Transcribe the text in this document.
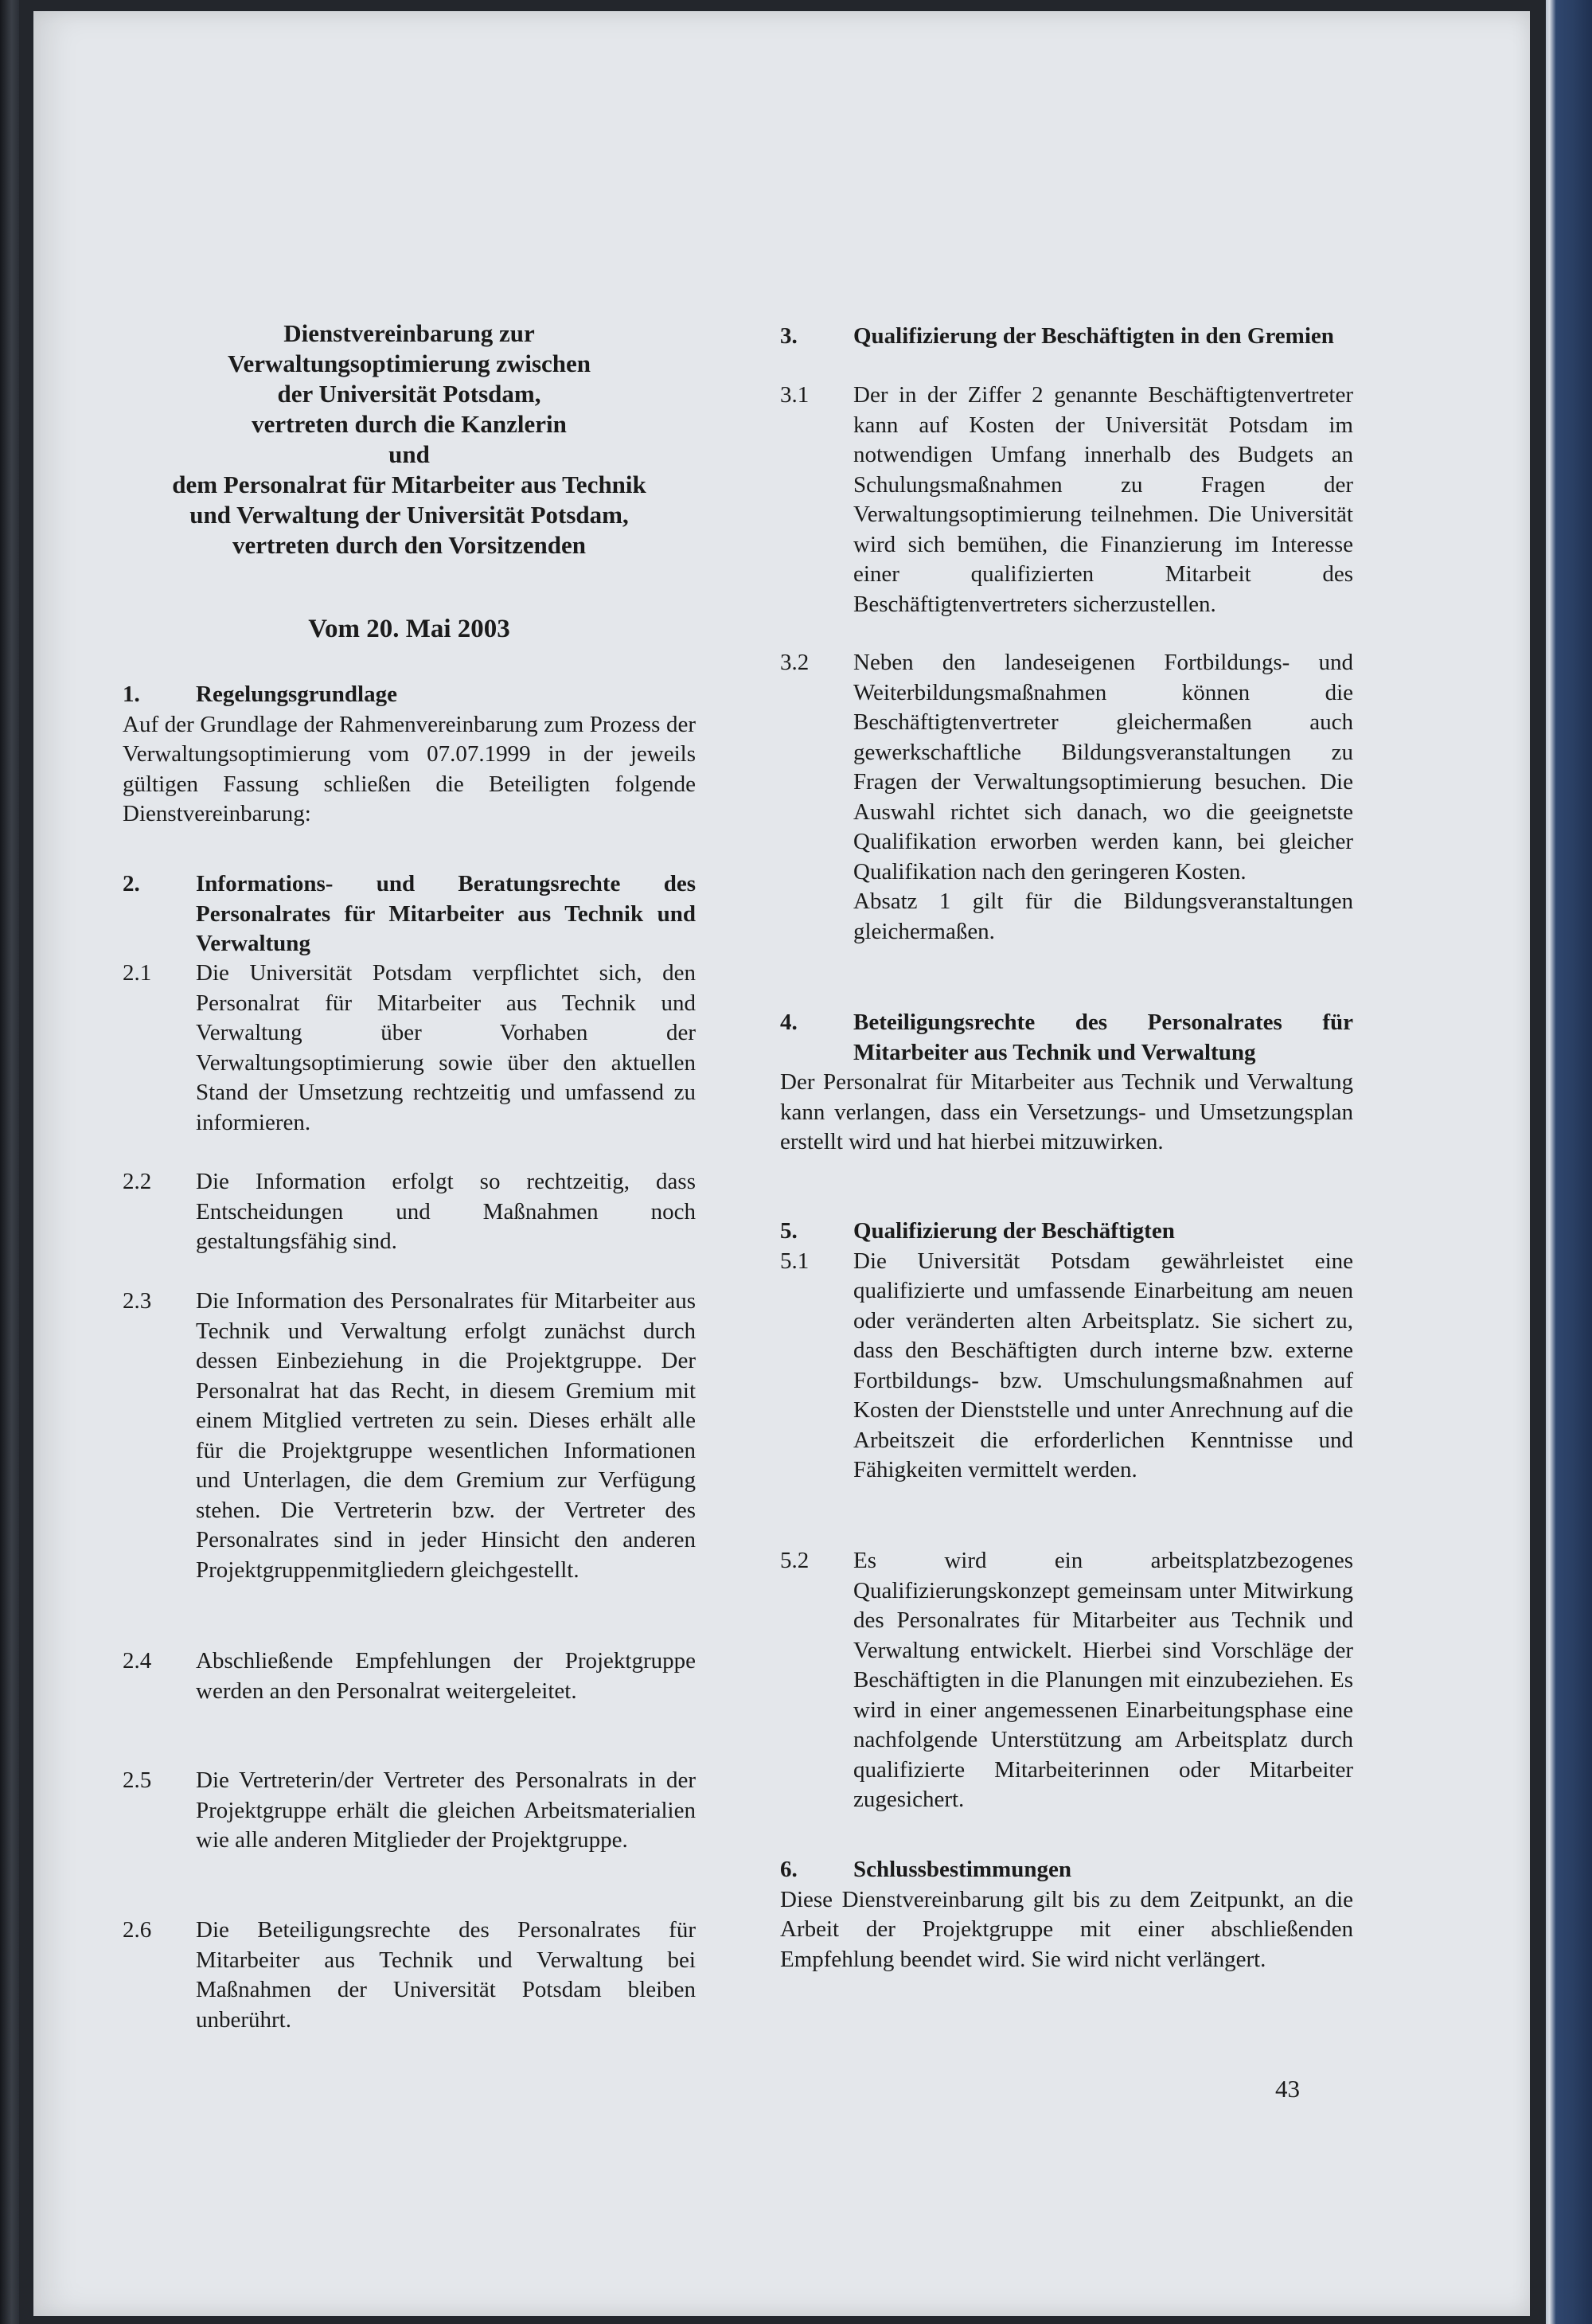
Dienstvereinbarung zur
Verwaltungsoptimierung zwischen
der Universität Potsdam,
vertreten durch die Kanzlerin
und
dem Personalrat für Mitarbeiter aus Technik
und Verwaltung der Universität Potsdam,
vertreten durch den Vorsitzenden
Vom 20. Mai 2003
1.	Regelungsgrundlage
Auf der Grundlage der Rahmenvereinbarung zum Prozess der Verwaltungsoptimierung vom 07.07.1999 in der jeweils gültigen Fassung schließen die Beteiligten folgende Dienstvereinbarung:
2.	Informations- und Beratungsrechte des Personalrates für Mitarbeiter aus Technik und Verwaltung
2.1	Die Universität Potsdam verpflichtet sich, den Personalrat für Mitarbeiter aus Technik und Verwaltung über Vorhaben der Verwaltungsoptimierung sowie über den aktuellen Stand der Umsetzung rechtzeitig und umfassend zu informieren.
2.2	Die Information erfolgt so rechtzeitig, dass Entscheidungen und Maßnahmen noch gestaltungsfähig sind.
2.3	Die Information des Personalrates für Mitarbeiter aus Technik und Verwaltung erfolgt zunächst durch dessen Einbeziehung in die Projektgruppe. Der Personalrat hat das Recht, in diesem Gremium mit einem Mitglied vertreten zu sein. Dieses erhält alle für die Projektgruppe wesentlichen Informationen und Unterlagen, die dem Gremium zur Verfügung stehen. Die Vertreterin bzw. der Vertreter des Personalrates sind in jeder Hinsicht den anderen Projektgruppenmitgliedern gleichgestellt.
2.4	Abschließende Empfehlungen der Projektgruppe werden an den Personalrat weitergeleitet.
2.5	Die Vertreterin/der Vertreter des Personalrats in der Projektgruppe erhält die gleichen Arbeitsmaterialien wie alle anderen Mitglieder der Projektgruppe.
2.6	Die Beteiligungsrechte des Personalrates für Mitarbeiter aus Technik und Verwaltung bei Maßnahmen der Universität Potsdam bleiben unberührt.
3.	Qualifizierung der Beschäftigten in den Gremien
3.1	Der in der Ziffer 2 genannte Beschäftigtenvertreter kann auf Kosten der Universität Potsdam im notwendigen Umfang innerhalb des Budgets an Schulungsmaßnahmen zu Fragen der Verwaltungsoptimierung teilnehmen. Die Universität wird sich bemühen, die Finanzierung im Interesse einer qualifizierten Mitarbeit des Beschäftigtenvertreters sicherzustellen.
3.2	Neben den landeseigenen Fortbildungs- und Weiterbildungsmaßnahmen können die Beschäftigtenvertreter gleichermaßen auch gewerkschaftliche Bildungsveranstaltungen zu Fragen der Verwaltungsoptimierung besuchen. Die Auswahl richtet sich danach, wo die geeignetste Qualifikation erworben werden kann, bei gleicher Qualifikation nach den geringeren Kosten.
Absatz 1 gilt für die Bildungsveranstaltungen gleichermaßen.
4.	Beteiligungsrechte des Personalrates für Mitarbeiter aus Technik und Verwaltung
Der Personalrat für Mitarbeiter aus Technik und Verwaltung kann verlangen, dass ein Versetzungs- und Umsetzungsplan erstellt wird und hat hierbei mitzuwirken.
5.	Qualifizierung der Beschäftigten
5.1	Die Universität Potsdam gewährleistet eine qualifizierte und umfassende Einarbeitung am neuen oder veränderten alten Arbeitsplatz. Sie sichert zu, dass den Beschäftigten durch interne bzw. externe Fortbildungs- bzw. Umschulungsmaßnahmen auf Kosten der Dienststelle und unter Anrechnung auf die Arbeitszeit die erforderlichen Kenntnisse und Fähigkeiten vermittelt werden.
5.2	Es wird ein arbeitsplatzbezogenes Qualifizierungskonzept gemeinsam unter Mitwirkung des Personalrates für Mitarbeiter aus Technik und Verwaltung entwickelt. Hierbei sind Vorschläge der Beschäftigten in die Planungen mit einzubeziehen. Es wird in einer angemessenen Einarbeitungsphase eine nachfolgende Unterstützung am Arbeitsplatz durch qualifizierte Mitarbeiterinnen oder Mitarbeiter zugesichert.
6.	Schlussbestimmungen
Diese Dienstvereinbarung gilt bis zu dem Zeitpunkt, an die Arbeit der Projektgruppe mit einer abschließenden Empfehlung beendet wird. Sie wird nicht verlängert.
43
